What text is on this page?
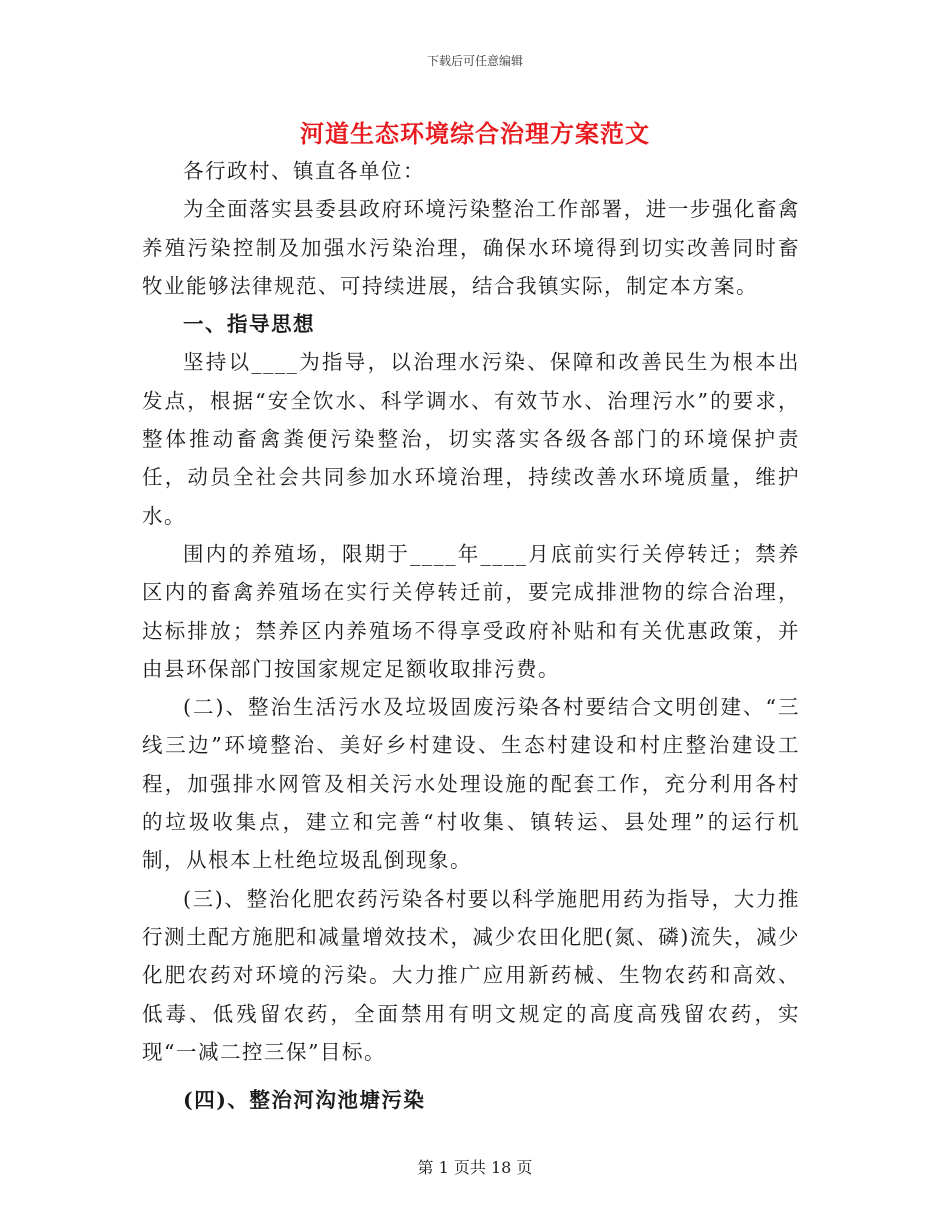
下载后可任意编辑
河道生态环境综合治理方案范文

各行政村、镇直各单位：

为全面落实县委县政府环境污染整治工作部署，进一步强化畜禽养殖污染控制及加强水污染治理，确保水环境得到切实改善同时畜牧业能够法律规范、可持续进展，结合我镇实际，制定本方案。

一、指导思想

坚持以____为指导，以治理水污染、保障和改善民生为根本出发点，根据“安全饮水、科学调水、有效节水、治理污水”的要求，整体推动畜禽粪便污染整治，切实落实各级各部门的环境保护责任，动员全社会共同参加水环境治理，持续改善水环境质量，维护水。

围内的养殖场，限期于____年____月底前实行关停转迁；禁养区内的畜禽养殖场在实行关停转迁前，要完成排泄物的综合治理，达标排放；禁养区内养殖场不得享受政府补贴和有关优惠政策，并由县环保部门按国家规定足额收取排污费。

(二)、整治生活污水及垃圾固废污染各村要结合文明创建、“三线三边”环境整治、美好乡村建设、生态村建设和村庄整治建设工程，加强排水网管及相关污水处理设施的配套工作，充分利用各村的垃圾收集点，建立和完善“村收集、镇转运、县处理”的运行机制，从根本上杜绝垃圾乱倒现象。

(三)、整治化肥农药污染各村要以科学施肥用药为指导，大力推行测土配方施肥和减量增效技术，减少农田化肥(氮、磷)流失，减少化肥农药对环境的污染。大力推广应用新药械、生物农药和高效、低毒、低残留农药，全面禁用有明文规定的高度高残留农药，实现“一减二控三保”目标。

(四)、整治河沟池塘污染

第 1 页共 18 页
